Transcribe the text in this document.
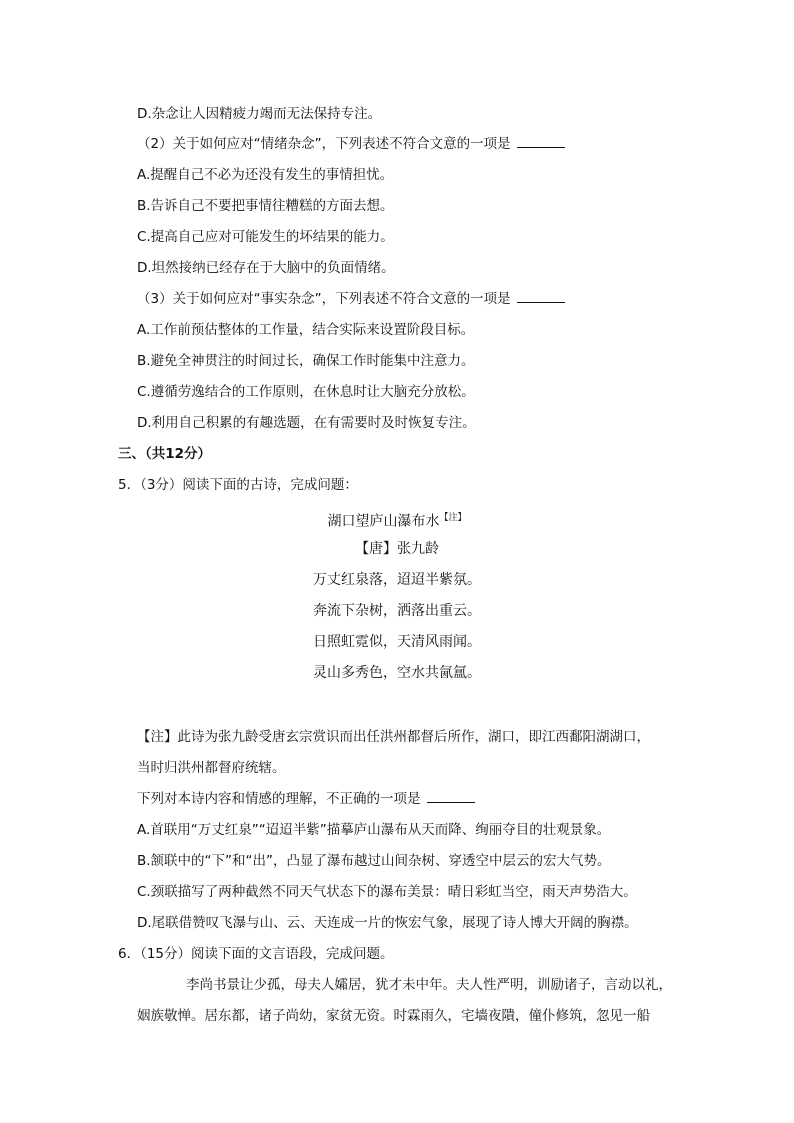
D.杂念让人因精疲力竭而无法保持专注。
（2）关于如何应对“情绪杂念”，下列表述不符合文意的一项是
A.提醒自己不必为还没有发生的事情担忧。
B.告诉自己不要把事情往糟糕的方面去想。
C.提高自己应对可能发生的坏结果的能力。
D.坦然接纳已经存在于大脑中的负面情绪。
（3）关于如何应对“事实杂念”，下列表述不符合文意的一项是
A.工作前预估整体的工作量，结合实际来设置阶段目标。
B.避免全神贯注的时间过长，确保工作时能集中注意力。
C.遵循劳逸结合的工作原则，在休息时让大脑充分放松。
D.利用自己积累的有趣选题，在有需要时及时恢复专注。
三、（共12分）
5．（3分）阅读下面的古诗，完成问题：
湖口望庐山瀑布水$^{【注】}$
【唐】张九龄
万丈红泉落，迢迢半紫氛。
奔流下杂树，洒落出重云。
日照虹霓似，天清风雨闻。
灵山多秀色，空水共氤氲。
【注】此诗为张九龄受唐玄宗赏识而出任洪州都督后所作，湖口，即江西鄱阳湖湖口，
当时归洪州都督府统辖。
下列对本诗内容和情感的理解，不正确的一项是
A.首联用“万丈红泉”“迢迢半紫”描摹庐山瀑布从天而降、绚丽夺目的壮观景象。
B.颔联中的“下”和“出”，凸显了瀑布越过山间杂树、穿透空中层云的宏大气势。
C.颈联描写了两种截然不同天气状态下的瀑布美景：晴日彩虹当空，雨天声势浩大。
D.尾联借赞叹飞瀑与山、云、天连成一片的恢宏气象，展现了诗人博大开阔的胸襟。
6．（15分）阅读下面的文言语段，完成问题。
李尚书景让少孤，母夫人孀居，犹才未中年。夫人性严明，训励诸子，言动以礼，
姻族敬惮。居东都，诸子尚幼，家贫无资。时霖雨久，宅墙夜隤，僮仆修筑，忽见一船
